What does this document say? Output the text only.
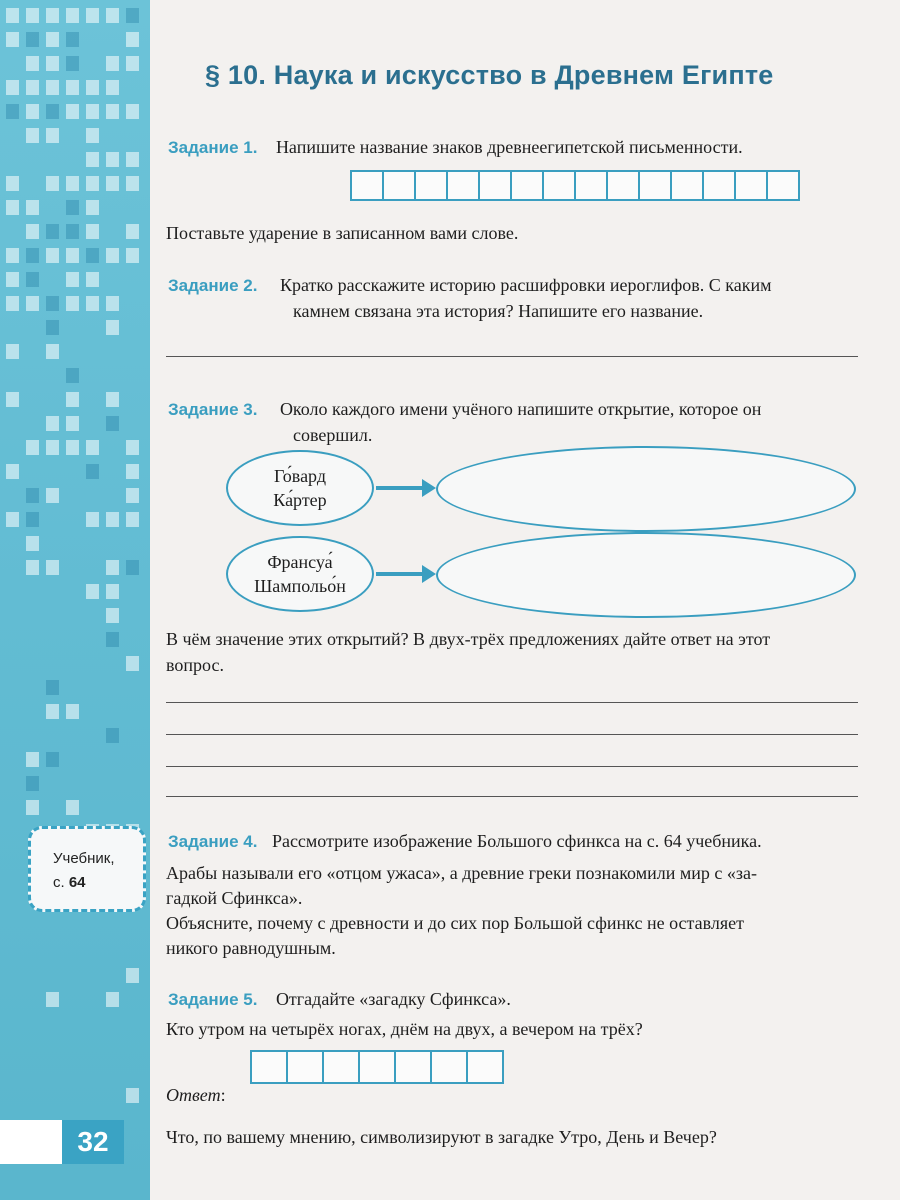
Учебник,
с. 64
32
§ 10. Наука и искусство в Древнем Египте
Задание 1. Напишите название знаков древнеегипетской письменности.
Поставьте ударение в записанном вами слове.
Задание 2. Кратко расскажите историю расшифровки иероглифов. С каким
камнем связана эта история? Напишите его название.
Задание 3. Около каждого имени учёного напишите открытие, которое он
совершил.
Го́вард
Ка́ртер
Франсуа́
Шампольо́н
В чём значение этих открытий? В двух-трёх предложениях дайте ответ на этот
вопрос.
Задание 4. Рассмотрите изображение Большого сфинкса на с. 64 учебника.
Арабы называли его «отцом ужаса», а древние греки познакомили мир с «за-
гадкой Сфинкса».
Объясните, почему с древности и до сих пор Большой сфинкс не оставляет
никого равнодушным.
Задание 5. Отгадайте «загадку Сфинкса».
Кто утром на четырёх ногах, днём на двух, а вечером на трёх?
Ответ:
Что, по вашему мнению, символизируют в загадке Утро, День и Вечер?
